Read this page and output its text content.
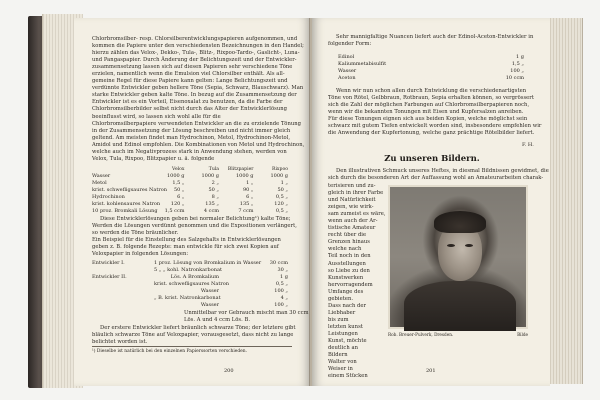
Chlorbromsilber- resp. Chlorsilberentwicklungspapieren aufgenommen, und
kommen die Papiere unter den verschiedensten Bezeichnungen in den Handel;
hierzu zählen das Velox-, Dekko-, Tula-, Blitz-, Rixpoo-Tardo-, Gaslicht-, Luna-
und Pangaspapier. Durch Änderung der Belichtungszeit und der Entwickler-
zusammensetzung lassen sich auf diesen Papieren sehr verschiedene Töne
erzielen, namentlich wenn die Emulsion viel Chlorsilber enthält. Als all-
gemeine Regel für diese Papiere kann gelten: Lange Belichtungszeit und
verdünnte Entwickler geben hellere Töne (Sepia, Schwarz, Blauschwarz). Man
starke Entwickler geben kalte Töne. In bezug auf die Zusammensetzung der
Entwickler ist es ein Vorteil, Eisenoxalat zu benutzen, da die Farbe der
Chlorbromsilberbilder selbst nicht durch das Alter der Entwicklerlösung
beeinflusst wird, so lassen sich wohl alle für die
Chlorbromsilberpapiere verwendeten Entwickler an die zu erzielende Tönung
in der Zusammensetzung der Lösung beschreiben und nicht immer gleich
geltend. Am meisten findet man Hydrochinon, Metol, Hydrochinon-Metol,
Amidol und Edinol empfohlen. Die Kombinationen von Metol und Hydrochinon,
welche auch im Negativprozess stark in Anwendung stehen, werden von
Velox, Tula, Rixpoo, Blitzpapier u. ä. folgende
Velox	Tula	Blitzpapier	Rixpoo
Wasser	1000 g	1000 g	1000 g	1000 g
Metol	1,5 „	2 „	1 „	1 „
krist. schwefligsaures Natron	50 „	50 „	90 „	50 „
Hydrochinon	6 „	8 „	6 „	0,5 „
krist. kohlensaures Natron	120 „	135 „	135 „	120 „
10 proz. Bromkali Lösung	1,5 ccm	4 ccm	7 ccm	0,5 „
Diese Entwicklerlösungen geben bei normaler Belichtung¹) kalte Töne;
Werden die Lösungen verdünnt genommen und die Expositionen verlängert,
so werden die Töne bräunlicher.
Ein Beispiel für die Einstellung des Salzgehalts in Entwicklerlösungen
geben z. B. folgende Rezepte: man entwickle für sich zwei Kopien auf
Veloxpapier in folgenden Lösungen:
Entwickler I.	1 proz. Lösung von Bromkalium in Wasser	30 ccm
5 „ „ kohl. Natronkarbonat	30 „
Entwickler II.	Lös. A Bromkalium	1 g
krist. schwefligsaures Natron	0,5 „
Wasser	100 „
„ B. krist. Natronkarbonat	4 „
Wasser	100 „
Unmittelbar vor Gebrauch mischt man 30 ccm
Lös. A und 4 ccm Lös. B.
Der erstere Entwickler liefert bräunlich schwarze Töne; der letztere gibt
bläulich schwarze Töne auf Veloxpapier, vorausgesetzt, dass nicht zu lange
belichtet worden ist.
¹) Dieselbe ist natürlich bei den einzelnen Papierssorten verschieden.
200
Sehr mannigfaltige Nuancen liefert auch der Edinol-Aceton-Entwickler in
folgender Form:
Edinol	1 g
Kaliummetabisulfit	1,5 „
Wasser	100 „
Aceton	10 ccm
Wenn wir nun schon allen durch Entwicklung die verschiedenartigsten
Töne von Rötel, Gelbbraun, Rotbraun, Sepia erhalten können, so vergrössert
sich die Zahl der möglichen Farbungen auf Chlorbromsilberpapieren noch,
wenn wir die bekannten Tonungen mit Eisen und Kupfersalzen anreiben.
Für diese Tonungen eignen sich aus beiden Kopien, welche möglichst sein
schwarz mit gutem Tiefen entwickelt worden sind, insbesondere empfehlen wir
die Anwendung der Kupfertonung, welche ganz prächtige Rötelbilder liefert.
F. H.
Zu unseren Bildern.
Den illustrativen Schmuck unseres Heftes, in diesmal Bildnissen gewidmet, die
sich durch die besonderen Art der Auffassung wohl an Amateurarbeiten charak-
terisieren und zu-
gleich in ihrer Farbe
und Natürlichkeit
zeigen, wie wirk-
sam zumeist es wäre,
wenn auch der Ar-
tistische Amateur
recht über die
Grenzen hinaus
welche nach
Teil noch in den
Ausstellungen
so Liebe zu den
Kunstwerken
hervorragendem
Umfange des
gebieten.
Dass nach der
Liebhaber
bis zum
letzten kunst
Leistungen
Kunst, möchte
deutlich an
Bildern
Walter von
Weiser in
einem Stücken
Rob. Breuer-Pulverk, Dresden.	Bilde
201
